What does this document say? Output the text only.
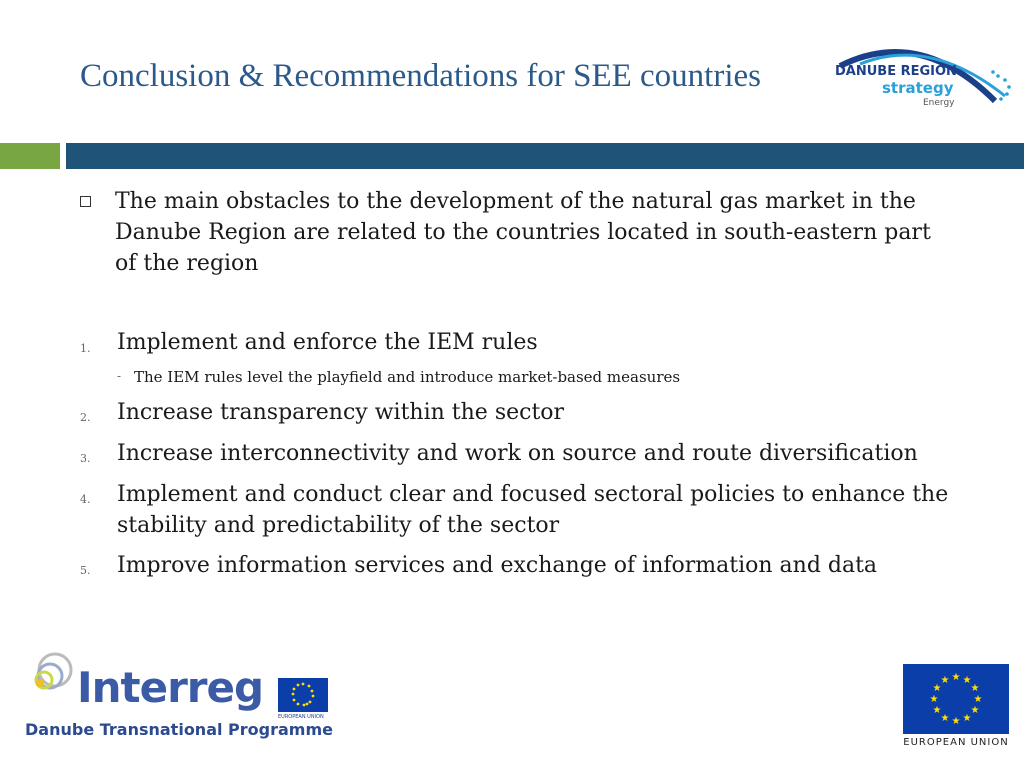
Conclusion & Recommendations for SEE countries	DANUBE REGION
strategy
Energy
The main obstacles to the development of the natural gas market in the Danube Region are related to the countries located in south-eastern part of the region
1. Implement and enforce the IEM rules
- The IEM rules level the playfield and introduce market-based measures
2. Increase transparency within the sector
3. Increase interconnectivity and work on source and route diversification
4. Implement and conduct clear and focused sectoral policies to enhance the stability and predictability of the sector
5. Improve information services and exchange of information and data
Interreg
EUROPEAN UNION
Danube Transnational Programme
★ ★
★
★
★
★
★
★
★
★
★
★
EUROPEAN UNION
